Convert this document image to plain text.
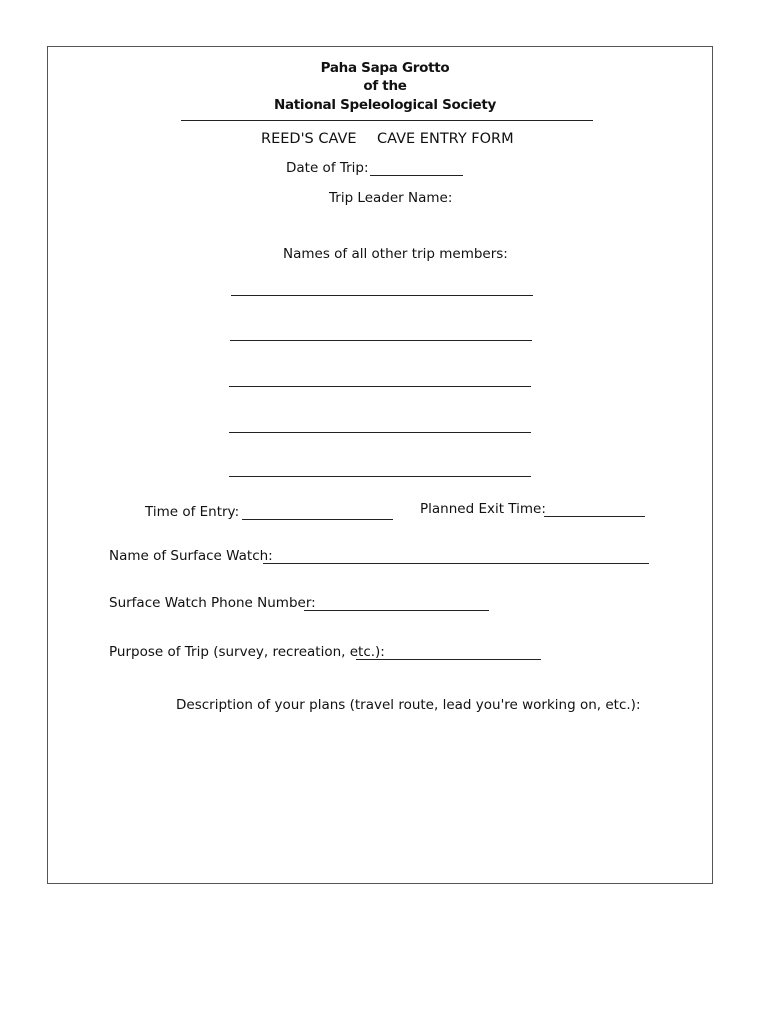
Paha Sapa Grotto
of the
National Speleological Society
REED'S CAVE CAVE ENTRY FORM
Date of Trip:
Trip Leader Name:
Names of all other trip members:
Time of Entry:	Planned Exit Time:
Name of Surface Watch:
Surface Watch Phone Number:
Purpose of Trip (survey, recreation, etc.):
Description of your plans (travel route, lead you're working on, etc.):
